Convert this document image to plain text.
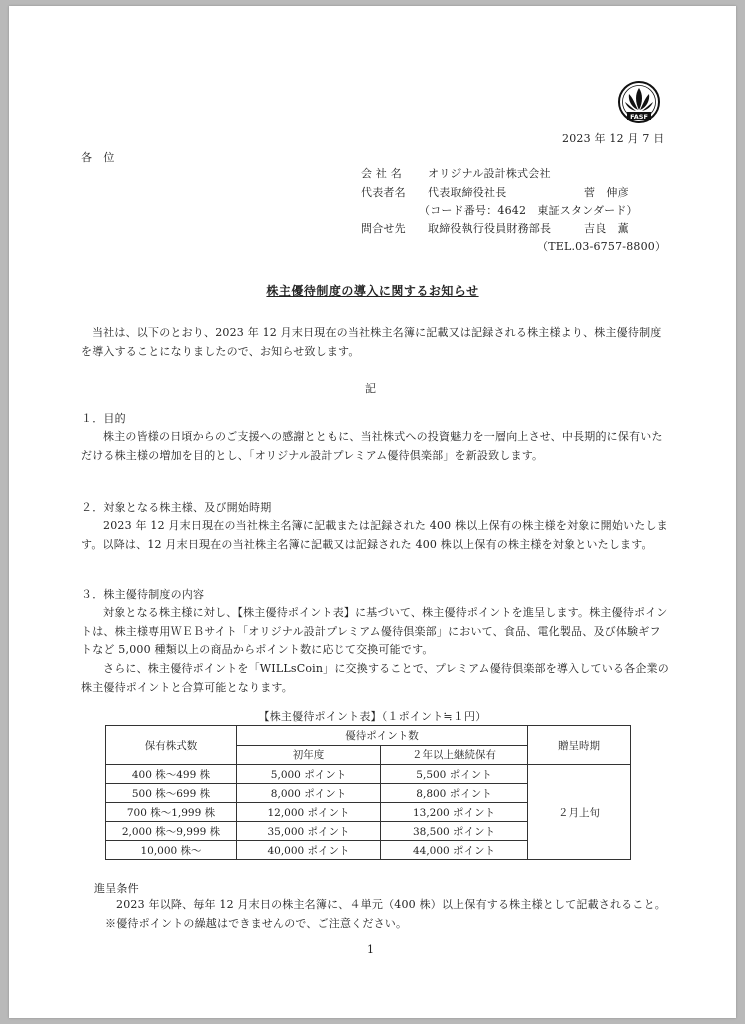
FASF
2023 年 12 月 7 日
各　位
会 社 名 オリジナル設計株式会社
代表者名 代表取締役社長	菅　伸彦
（コード番号：4642　東証スタンダード）
問合せ先 取締役執行役員財務部長	吉良　薫
（TEL.03-6757-8800）
株主優待制度の導入に関するお知らせ
当社は、以下のとおり、2023 年 12 月末日現在の当社株主名簿に記載又は記録される株主様より、株主優待制度を導入することになりましたので、お知らせ致します。
記
１．目的
株主の皆様の日頃からのご支援への感謝とともに、当社株式への投資魅力を一層向上させ、中長期的に保有いただける株主様の増加を目的とし、「オリジナル設計プレミアム優待倶楽部」を新設致します。
２．対象となる株主様、及び開始時期
2023 年 12 月末日現在の当社株主名簿に記載または記録された 400 株以上保有の株主様を対象に開始いたします。以降は、12 月末日現在の当社株主名簿に記載又は記録された 400 株以上保有の株主様を対象といたします。
３．株主優待制度の内容
対象となる株主様に対し、【株主優待ポイント表】に基づいて、株主優待ポイントを進呈します。株主優待ポイントは、株主様専用ＷＥＢサイト「オリジナル設計プレミアム優待倶楽部」において、食品、電化製品、及び体験ギフトなど 5,000 種類以上の商品からポイント数に応じて交換可能です。
さらに、株主優待ポイントを「WILLsCoin」に交換することで、プレミアム優待倶楽部を導入している各企業の株主優待ポイントと合算可能となります。
【株主優待ポイント表】（１ポイント≒１円）
保有株式数	優待ポイント数		贈呈時期
	初年度	２年以上継続保有	
400 株～499 株	5,000 ポイント	5,500 ポイント	２月上旬
500 株～699 株	8,000 ポイント	8,800 ポイント	
700 株～1,999 株	12,000 ポイント	13,200 ポイント	
2,000 株～9,999 株	35,000 ポイント	38,500 ポイント	
10,000 株～	40,000 ポイント	44,000 ポイント	
進呈条件
2023 年以降、毎年 12 月末日の株主名簿に、４単元（400 株）以上保有する株主様として記載されること。※優待ポイントの繰越はできませんので、ご注意ください。
1
